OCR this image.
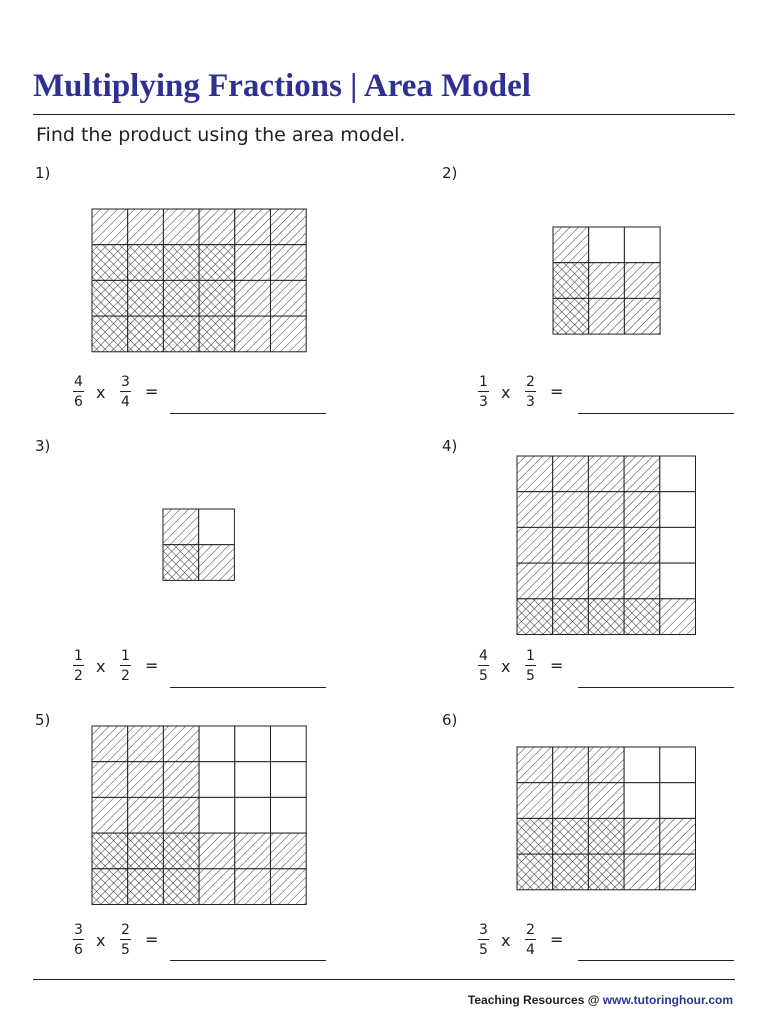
Multiplying Fractions | Area Model
Find the product using the area model.
1)
4
6 x
3
4
=
2)
1
3 x
2
3
=
3)
1
2 x
1
2
=
4)
4
5 x
1
5
=
5)
3
6 x
2
5
=
6)
3
5 x
2
4
=
Teaching Resources @ www.tutoringhour.com
